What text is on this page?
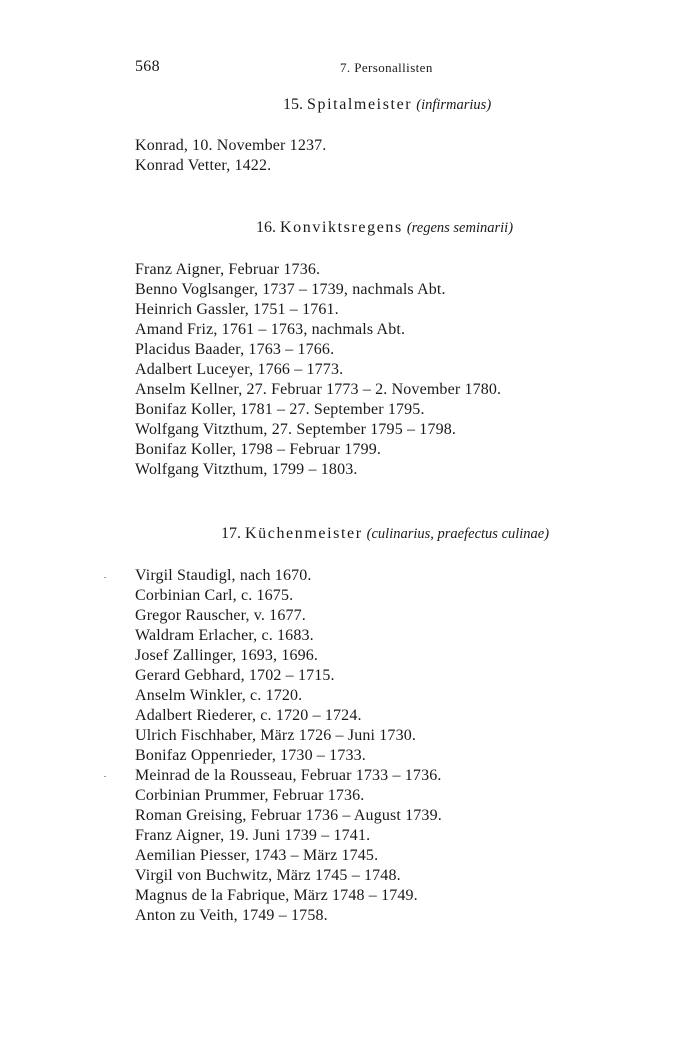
568	7. Personallisten
15. Spitalmeister (infirmarius)
Konrad, 10. November 1237.
Konrad Vetter, 1422.
16. Konviktsregens (regens seminarii)
Franz Aigner, Februar 1736.
Benno Voglsanger, 1737 – 1739, nachmals Abt.
Heinrich Gassler, 1751 – 1761.
Amand Friz, 1761 – 1763, nachmals Abt.
Placidus Baader, 1763 – 1766.
Adalbert Luceyer, 1766 – 1773.
Anselm Kellner, 27. Februar 1773 – 2. November 1780.
Bonifaz Koller, 1781 – 27. September 1795.
Wolfgang Vitzthum, 27. September 1795 – 1798.
Bonifaz Koller, 1798 – Februar 1799.
Wolfgang Vitzthum, 1799 – 1803.
17. Küchenmeister (culinarius, praefectus culinae)
Virgil Staudigl, nach 1670.
Corbinian Carl, c. 1675.
Gregor Rauscher, v. 1677.
Waldram Erlacher, c. 1683.
Josef Zallinger, 1693, 1696.
Gerard Gebhard, 1702 – 1715.
Anselm Winkler, c. 1720.
Adalbert Riederer, c. 1720 – 1724.
Ulrich Fischhaber, März 1726 – Juni 1730.
Bonifaz Oppenrieder, 1730 – 1733.
Meinrad de la Rousseau, Februar 1733 – 1736.
Corbinian Prummer, Februar 1736.
Roman Greising, Februar 1736 – August 1739.
Franz Aigner, 19. Juni 1739 – 1741.
Aemilian Piesser, 1743 – März 1745.
Virgil von Buchwitz, März 1745 – 1748.
Magnus de la Fabrique, März 1748 – 1749.
Anton zu Veith, 1749 – 1758.
